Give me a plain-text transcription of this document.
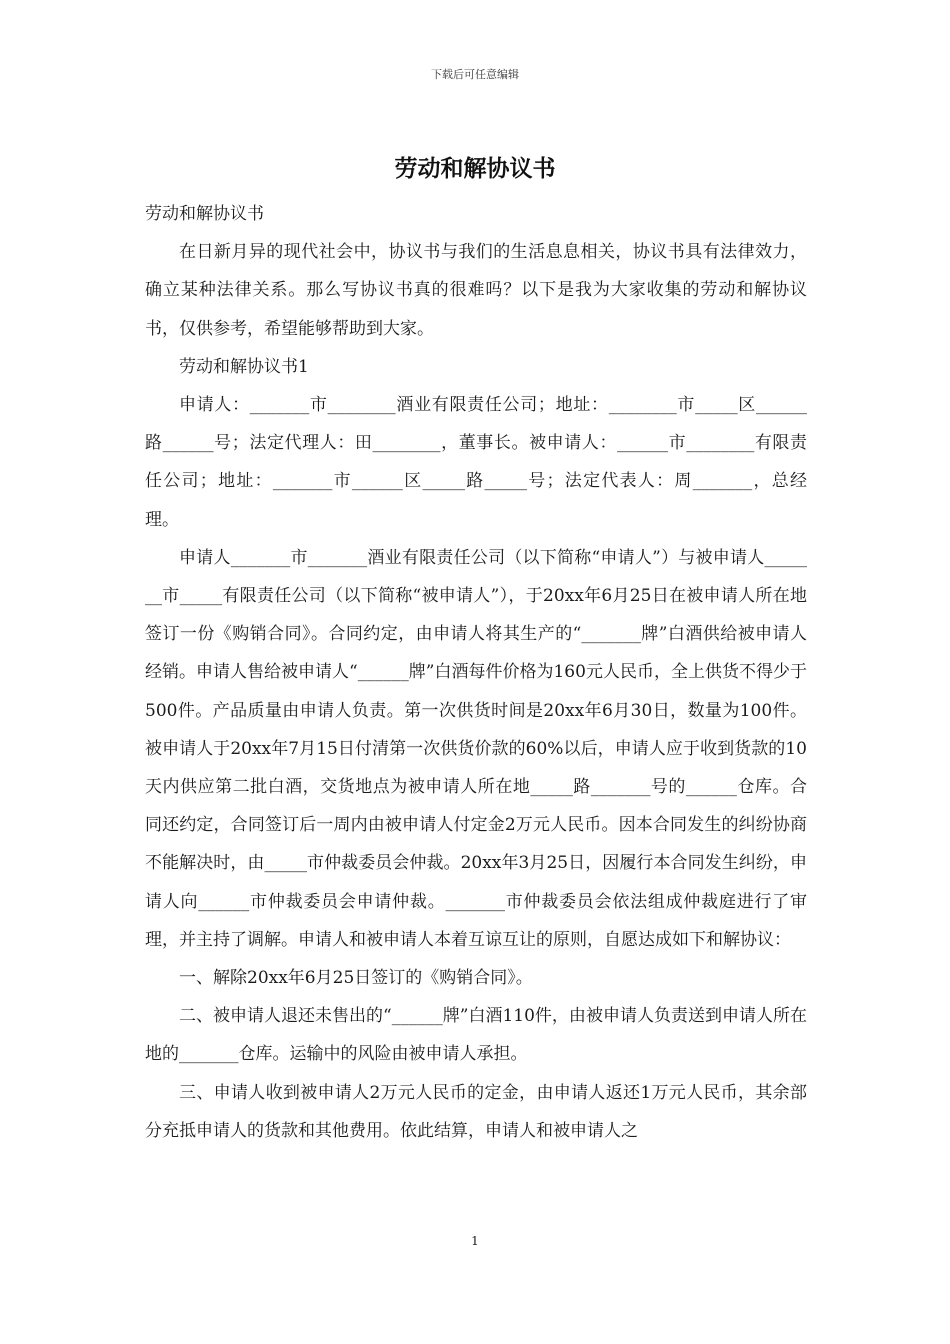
下载后可任意编辑
劳动和解协议书

劳动和解协议书

在日新月异的现代社会中，协议书与我们的生活息息相关，协议书具有法律效力，确立某种法律关系。那么写协议书真的很难吗？以下是我为大家收集的劳动和解协议书，仅供参考，希望能够帮助到大家。

劳动和解协议书1

申请人：_______市________酒业有限责任公司；地址：________市_____区______路______号；法定代理人：田________，董事长。被申请人：______市________有限责任公司；地址：_______市______区_____路_____号；法定代表人：周_______，总经理。

申请人_______市_______酒业有限责任公司（以下简称“申请人”）与被申请人_______市_____有限责任公司（以下简称“被申请人”），于20xx年6月25日在被申请人所在地签订一份《购销合同》。合同约定，由申请人将其生产的“_______牌”白酒供给被申请人经销。申请人售给被申请人“______牌”白酒每件价格为160元人民币，全上供货不得少于500件。产品质量由申请人负责。第一次供货时间是20xx年6月30日，数量为100件。被申请人于20xx年7月15日付清第一次供货价款的60%以后，申请人应于收到货款的10天内供应第二批白酒，交货地点为被申请人所在地_____路_______号的______仓库。合同还约定，合同签订后一周内由被申请人付定金2万元人民币。因本合同发生的纠纷协商不能解决时，由_____市仲裁委员会仲裁。20xx年3月25日，因履行本合同发生纠纷，申请人向______市仲裁委员会申请仲裁。_______市仲裁委员会依法组成仲裁庭进行了审理，并主持了调解。申请人和被申请人本着互谅互让的原则，自愿达成如下和解协议：

一、解除20xx年6月25日签订的《购销合同》。

二、被申请人退还未售出的“______牌”白酒110件，由被申请人负责送到申请人所在地的_______仓库。运输中的风险由被申请人承担。

三、申请人收到被申请人2万元人民币的定金，由申请人返还1万元人民币，其余部分充抵申请人的货款和其他费用。依此结算，申请人和被申请人之

1
